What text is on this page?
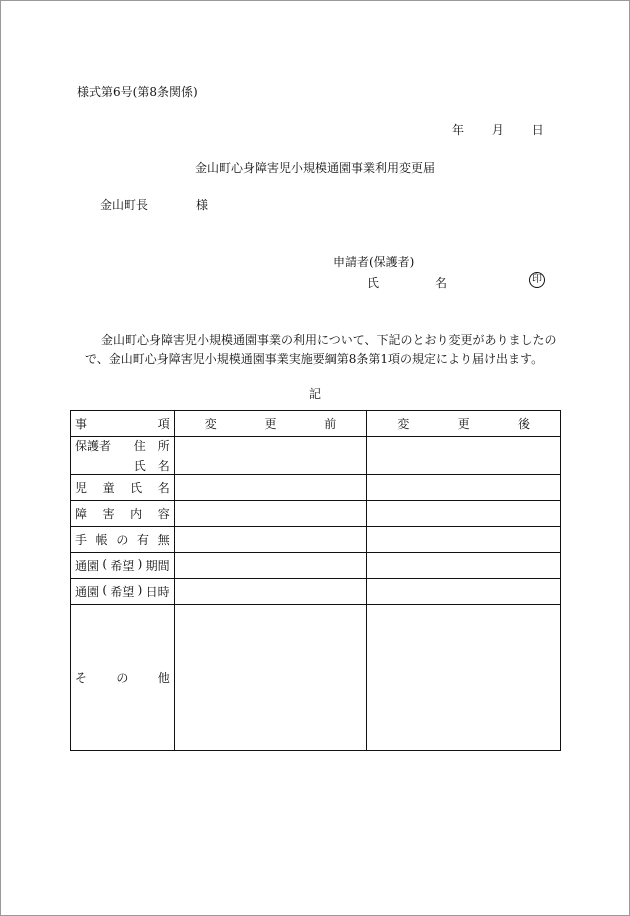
様式第6号(第8条関係)
年 月 日
金山町心身障害児小規模通園事業利用変更届
金山町長	様
申請者(保護者)
氏　名	印
金山町心身障害児小規模通園事業の利用について、下記のとおり変更がありましたの
で、金山町心身障害児小規模通園事業実施要綱第8条第1項の規定により届け出ます。
記
事 項	変 更 前	変 更 後

保護者 住 所
氏 名		

児 童 氏 名		

障 害 内 容		

手 帳 の 有 無		

通園 ( 希望 ) 期間		

通園 ( 希望 ) 日時		

そ の 他		
